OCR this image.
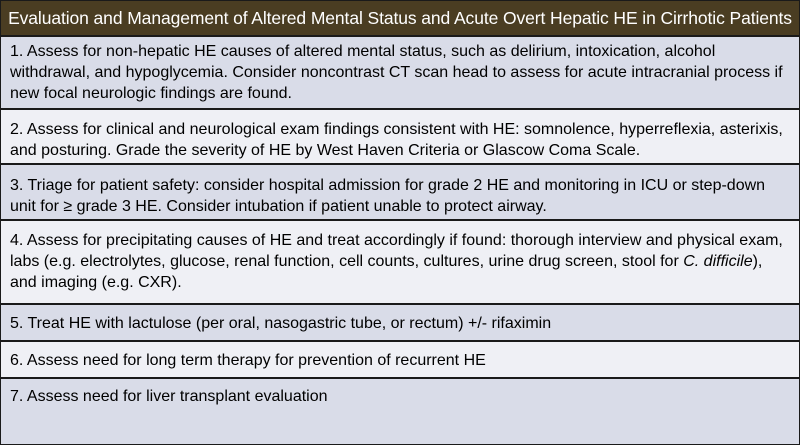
Evaluation and Management of Altered Mental Status and Acute Overt Hepatic HE in Cirrhotic Patients
1. Assess for non-hepatic HE causes of altered mental status, such as delirium, intoxication, alcohol withdrawal, and hypoglycemia. Consider noncontrast CT scan head to assess for acute intracranial process if new focal neurologic findings are found.
2. Assess for clinical and neurological exam findings consistent with HE: somnolence, hyperreflexia, asterixis, and posturing. Grade the severity of HE by West Haven Criteria or Glascow Coma Scale.
3. Triage for patient safety: consider hospital admission for grade 2 HE and monitoring in ICU or step-down unit for ≥ grade 3 HE. Consider intubation if patient unable to protect airway.
4. Assess for precipitating causes of HE and treat accordingly if found: thorough interview and physical exam, labs (e.g. electrolytes, glucose, renal function, cell counts, cultures, urine drug screen, stool for C. difficile), and imaging (e.g. CXR).
5. Treat HE with lactulose (per oral, nasogastric tube, or rectum) +/- rifaximin
6. Assess need for long term therapy for prevention of recurrent HE
7. Assess need for liver transplant evaluation
